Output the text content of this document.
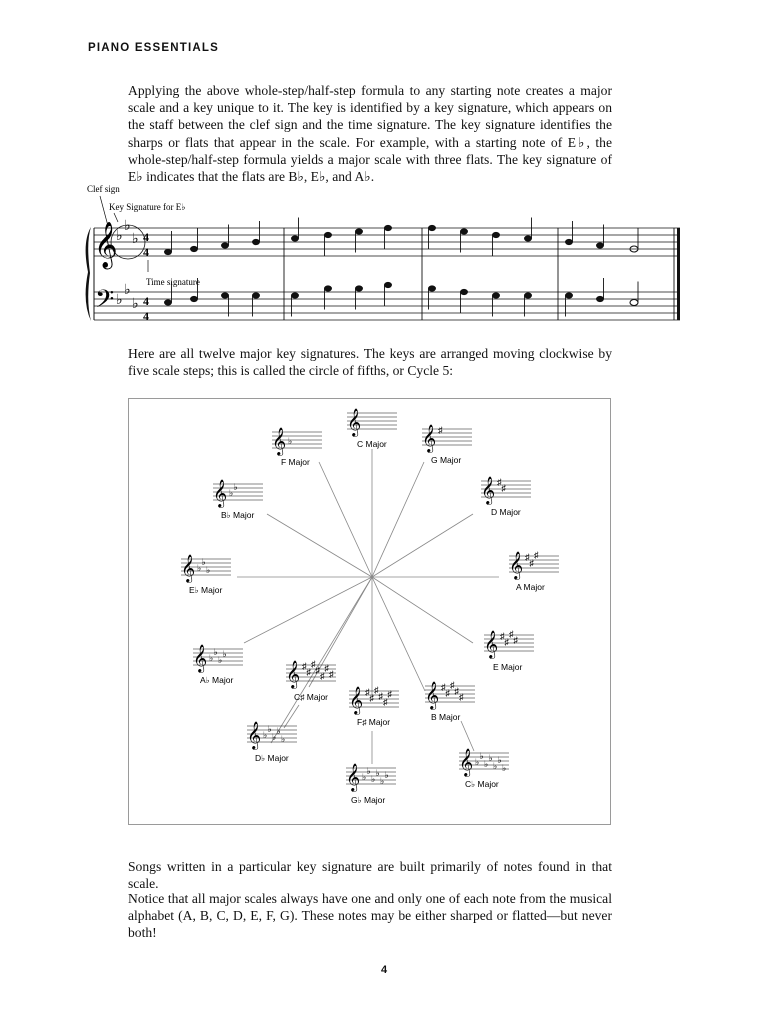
PIANO ESSENTIALS

Applying the above whole-step/half-step formula to any starting note creates a major scale and a key unique to it. The key is identified by a key signature, which appears on the staff between the clef sign and the time signature. The key signature identifies the sharps or flats that appear in the scale. For example, with a starting note of E♭, the whole-step/half-step formula yields a major scale with three flats. The key signature of E♭ indicates that the flats are B♭, E♭, and A♭.

Clef sign
Key Signature for E♭
𝄞
𝄢
♭
♭
♭
♭
♭
♭
4
4
4
4
Time signature

Here are all twelve major key signatures. The keys are arranged moving clockwise by five scale steps; this is called the circle of fifths, or Cycle 5:

𝄞
C Major 𝄞 ♯
G Major
𝄞 ♯
♯
D Major
𝄞 ♯
♯
♯
A Major
𝄞 ♯
♯
♯
♯
E Major
𝄞 ♯
♯
♯
♯
♯
B Major
𝄞 ♭
♭
♭
♭
♭
♭
♭
C♭ Major
𝄞 ♯
♯
♯
♯
♯
♯
F♯ Major
𝄞 ♭
♭
♭
♭
♭
♭
G♭ Major
𝄞 ♯
♯
♯
♯
♯
♯
♯
C♯ Major
𝄞 ♭
♭
♭
♭
♭
D♭ Major
𝄞 ♭
♭
♭
♭
A♭ Major
𝄞 ♭
♭
♭
E♭ Major
𝄞 ♭
♭
B♭ Major
𝄞 ♭
F Major

Songs written in a particular key signature are built primarily of notes found in that scale.

Notice that all major scales always have one and only one of each note from the musical alphabet (A, B, C, D, E, F, G). These notes may be either sharped or flatted—but never both!

4
